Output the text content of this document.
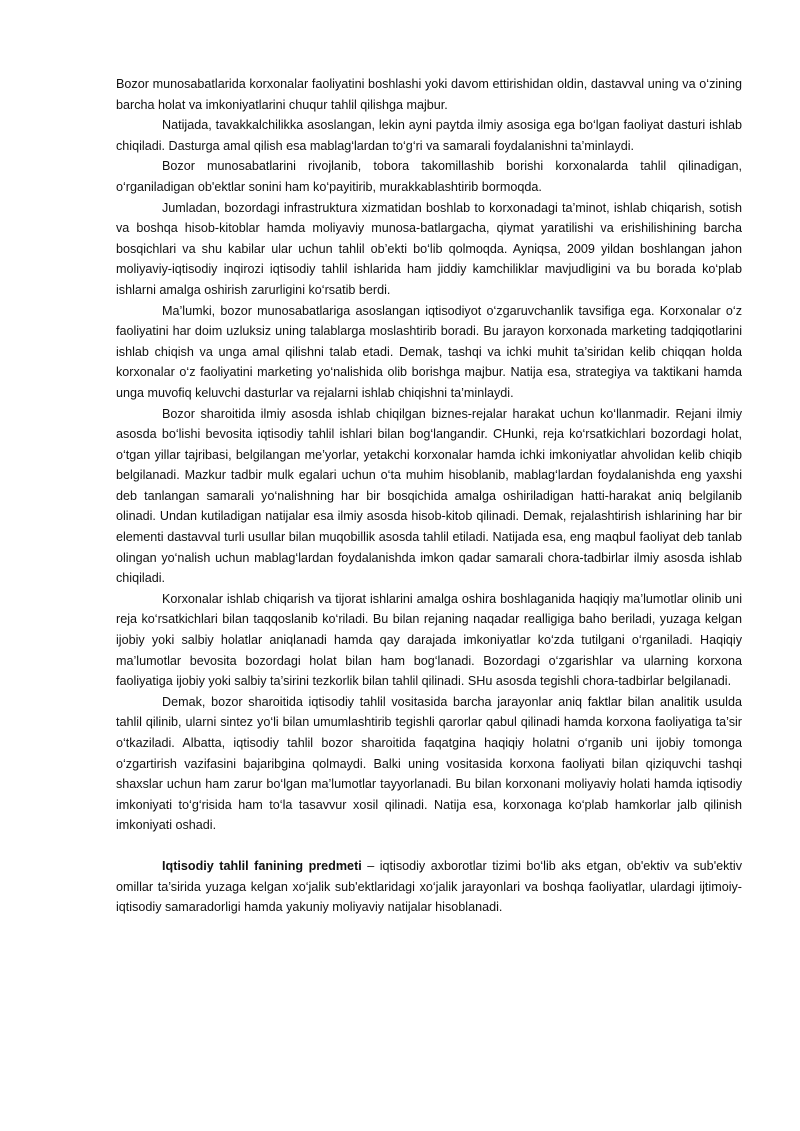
Bozor munosabatlarida korxonalar faoliyatini boshlashi yoki davom ettirishidan oldin, dastavval uning va o‘zining barcha holat va imkoniyatlarini chuqur tahlil qilishga majbur.

Natijada, tavakkalchilikka asoslangan, lekin ayni paytda ilmiy asosiga ega bo‘lgan faoliyat dasturi ishlab chiqiladi. Dasturga amal qilish esa mablag‘lardan to‘g‘ri va samarali foydalanishni ta’minlaydi.

Bozor munosabatlarini rivojlanib, tobora takomillashib borishi korxonalarda tahlil qilinadigan, o‘rganiladigan ob'ektlar sonini ham ko‘payitirib, murakkablashtirib bormoqda.

Jumladan, bozordagi infrastruktura xizmatidan boshlab to korxonadagi ta’minot, ishlab chiqarish, sotish va boshqa hisob-kitoblar hamda moliyaviy munosa-batlargacha, qiymat yaratilishi va erishilishining barcha bosqichlari va shu kabilar ular uchun tahlil ob’ekti bo‘lib qolmoqda. Ayniqsa, 2009 yildan boshlangan jahon moliyaviy-iqtisodiy inqirozi iqtisodiy tahlil ishlarida ham jiddiy kamchiliklar mavjudligini va bu borada ko‘plab ishlarni amalga oshirish zarurligini ko‘rsatib berdi.

Ma’lumki, bozor munosabatlariga asoslangan iqtisodiyot o‘zgaruvchanlik tavsifiga ega. Korxonalar o‘z faoliyatini har doim uzluksiz uning talablarga moslashtirib boradi. Bu jarayon korxonada marketing tadqiqotlarini ishlab chiqish va unga amal qilishni talab etadi. Demak, tashqi va ichki muhit ta’siridan kelib chiqqan holda korxonalar o‘z faoliyatini marketing yo‘nalishida olib borishga majbur. Natija esa, strategiya va taktikani hamda unga muvofiq keluvchi dasturlar va rejalarni ishlab chiqishni ta’minlaydi.

Bozor sharoitida ilmiy asosda ishlab chiqilgan biznes-rejalar harakat uchun ko‘llanmadir. Rejani ilmiy asosda bo‘lishi bevosita iqtisodiy tahlil ishlari bilan bog‘langandir. CHunki, reja ko‘rsatkichlari bozordagi holat, o‘tgan yillar tajribasi, belgilangan me’yorlar, yetakchi korxonalar hamda ichki imkoniyatlar ahvolidan kelib chiqib belgilanadi. Mazkur tadbir mulk egalari uchun o‘ta muhim hisoblanib, mablag‘lardan foydalanishda eng yaxshi deb tanlangan samarali yo‘nalishning har bir bosqichida amalga oshiriladigan hatti-harakat aniq belgilanib olinadi. Undan kutiladigan natijalar esa ilmiy asosda hisob-kitob qilinadi. Demak, rejalashtirish ishlarining har bir elementi dastavval turli usullar bilan muqobillik asosda tahlil etiladi. Natijada esa, eng maqbul faoliyat deb tanlab olingan yo‘nalish uchun mablag‘lardan foydalanishda imkon qadar samarali chora-tadbirlar ilmiy asosda ishlab chiqiladi.

Korxonalar ishlab chiqarish va tijorat ishlarini amalga oshira boshlaganida haqiqiy ma’lumotlar olinib uni reja ko‘rsatkichlari bilan taqqoslanib ko‘riladi. Bu bilan rejaning naqadar realligiga baho beriladi, yuzaga kelgan ijobiy yoki salbiy holatlar aniqlanadi hamda qay darajada imkoniyatlar ko‘zda tutilgani o‘rganiladi. Haqiqiy ma’lumotlar bevosita bozordagi holat bilan ham bog‘lanadi. Bozordagi o‘zgarishlar va ularning korxona faoliyatiga ijobiy yoki salbiy ta’sirini tezkorlik bilan tahlil qilinadi. SHu asosda tegishli chora-tadbirlar belgilanadi.

Demak, bozor sharoitida iqtisodiy tahlil vositasida barcha jarayonlar aniq faktlar bilan analitik usulda tahlil qilinib, ularni sintez yo‘li bilan umumlashtirib tegishli qarorlar qabul qilinadi hamda korxona faoliyatiga ta’sir o‘tkaziladi. Albatta, iqtisodiy tahlil bozor sharoitida faqatgina haqiqiy holatni o‘rganib uni ijobiy tomonga o‘zgartirish vazifasini bajaribgina qolmaydi. Balki uning vositasida korxona faoliyati bilan qiziquvchi tashqi shaxslar uchun ham zarur bo‘lgan ma’lumotlar tayyorlanadi. Bu bilan korxonani moliyaviy holati hamda iqtisodiy imkoniyati to‘g‘risida ham to‘la tasavvur xosil qilinadi. Natija esa, korxonaga ko‘plab hamkorlar jalb qilinish imkoniyati oshadi.

Iqtisodiy tahlil fanining predmeti – iqtisodiy axborotlar tizimi bo‘lib aks etgan, ob'ektiv va sub'ektiv omillar ta’sirida yuzaga kelgan xo‘jalik sub'ektlaridagi xo‘jalik jarayonlari va boshqa faoliyatlar, ulardagi ijtimoiy-iqtisodiy samaradorligi hamda yakuniy moliyaviy natijalar hisoblanadi.
